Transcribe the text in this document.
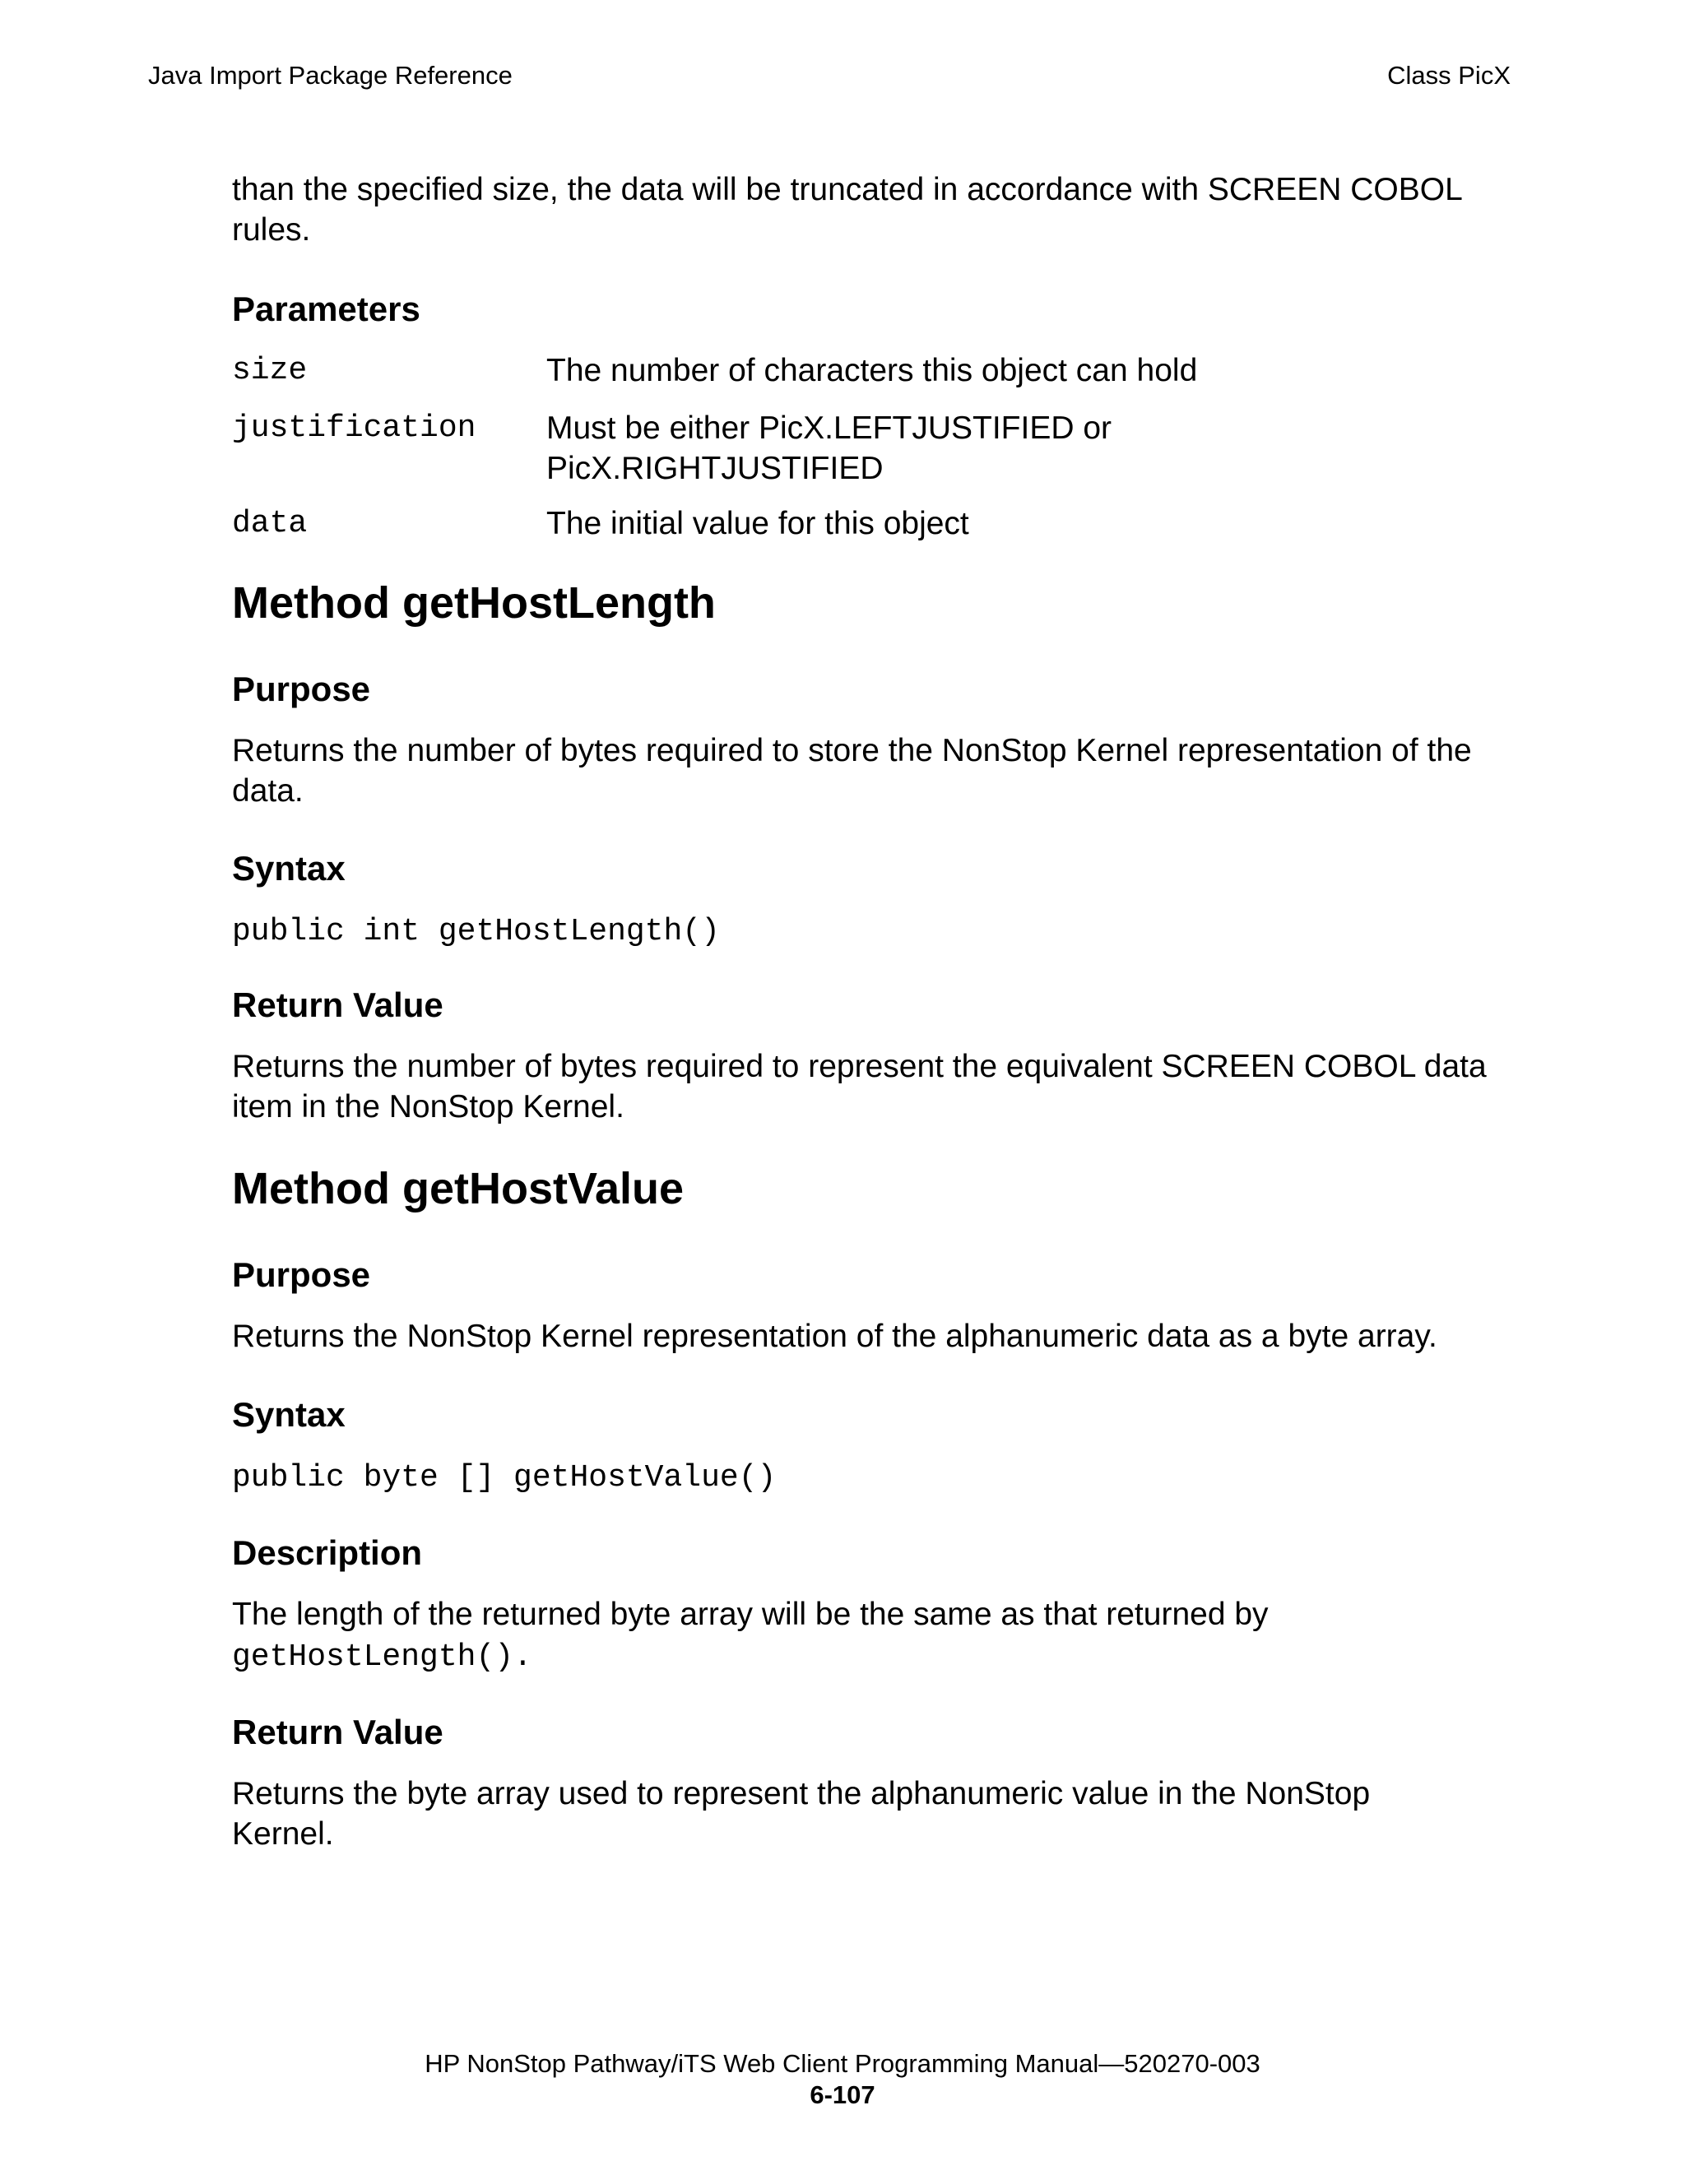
Java Import Package Reference	Class PicX

than the specified size, the data will be truncated in accordance with SCREEN COBOL rules.

Parameters
size	The number of characters this object can hold
justification Must be either PicX.LEFTJUSTIFIED or PicX.RIGHTJUSTIFIED
data	The initial value for this object
Method getHostLength
Purpose

Returns the number of bytes required to store the NonStop Kernel representation of the data.

Syntax
public int getHostLength()
Return Value

Returns the number of bytes required to represent the equivalent SCREEN COBOL data item in the NonStop Kernel.

Method getHostValue
Purpose

Returns the NonStop Kernel representation of the alphanumeric data as a byte array.

Syntax
public byte [] getHostValue()
Description

The length of the returned byte array will be the same as that returned by
getHostLength().

Return Value

Returns the byte array used to represent the alphanumeric value in the NonStop Kernel.

HP NonStop Pathway/iTS Web Client Programming Manual—520270-003
6-107
